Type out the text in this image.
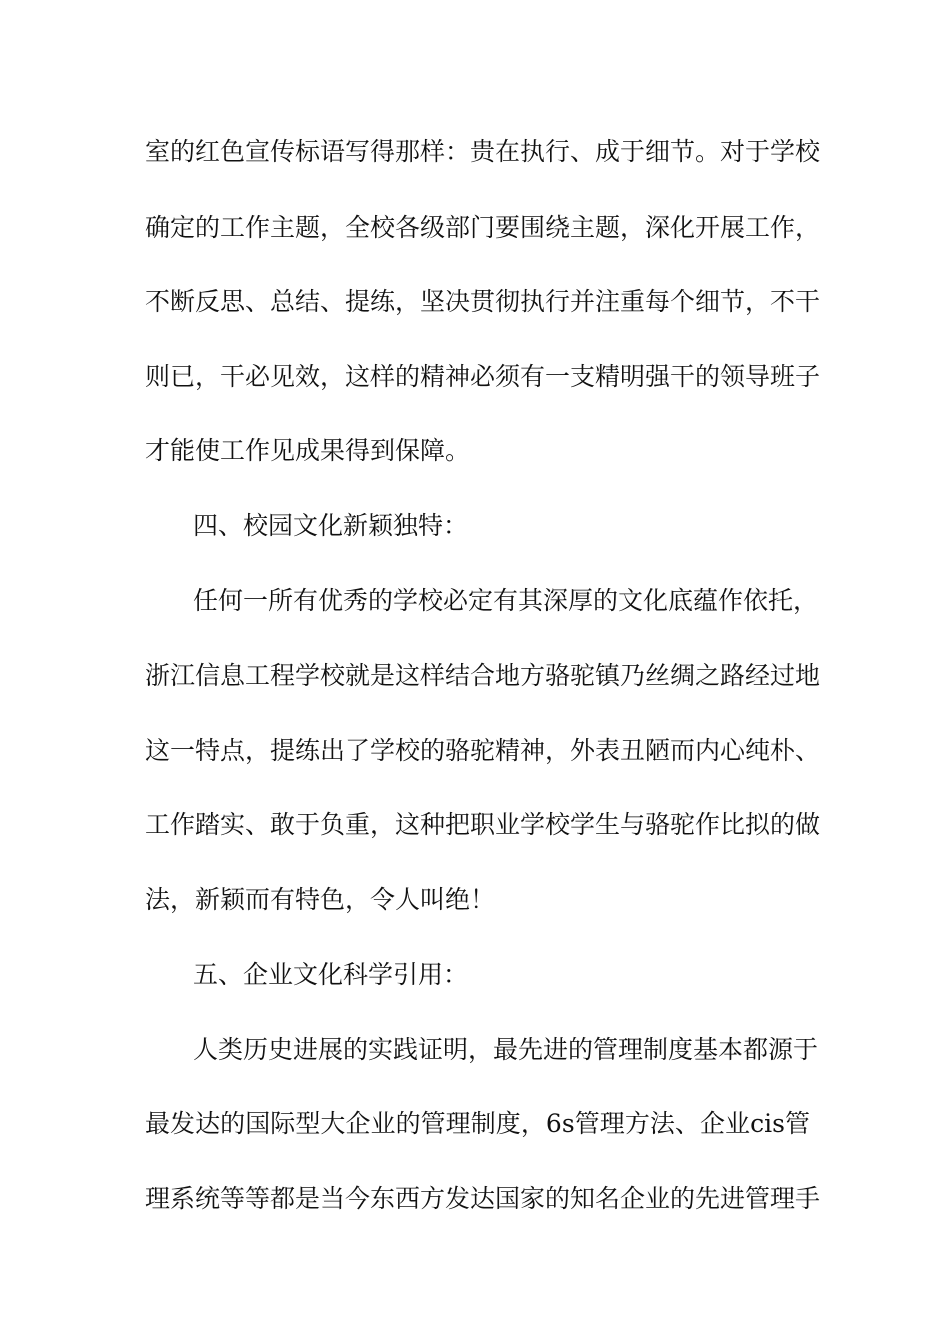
室的红色宣传标语写得那样：贵在执行、成于细节。对于学校

确定的工作主题，全校各级部门要围绕主题，深化开展工作，

不断反思、总结、提练，坚决贯彻执行并注重每个细节，不干

则已，干必见效，这样的精神必须有一支精明强干的领导班子

才能使工作见成果得到保障。

四、校园文化新颖独特：

任何一所有优秀的学校必定有其深厚的文化底蕴作依托，

浙江信息工程学校就是这样结合地方骆驼镇乃丝绸之路经过地

这一特点，提练出了学校的骆驼精神，外表丑陋而内心纯朴、

工作踏实、敢于负重，这种把职业学校学生与骆驼作比拟的做

法，新颖而有特色，令人叫绝！

五、企业文化科学引用：

人类历史进展的实践证明，最先进的管理制度基本都源于

最发达的国际型大企业的管理制度，6s管理方法、企业cis管

理系统等等都是当今东西方发达国家的知名企业的先进管理手
